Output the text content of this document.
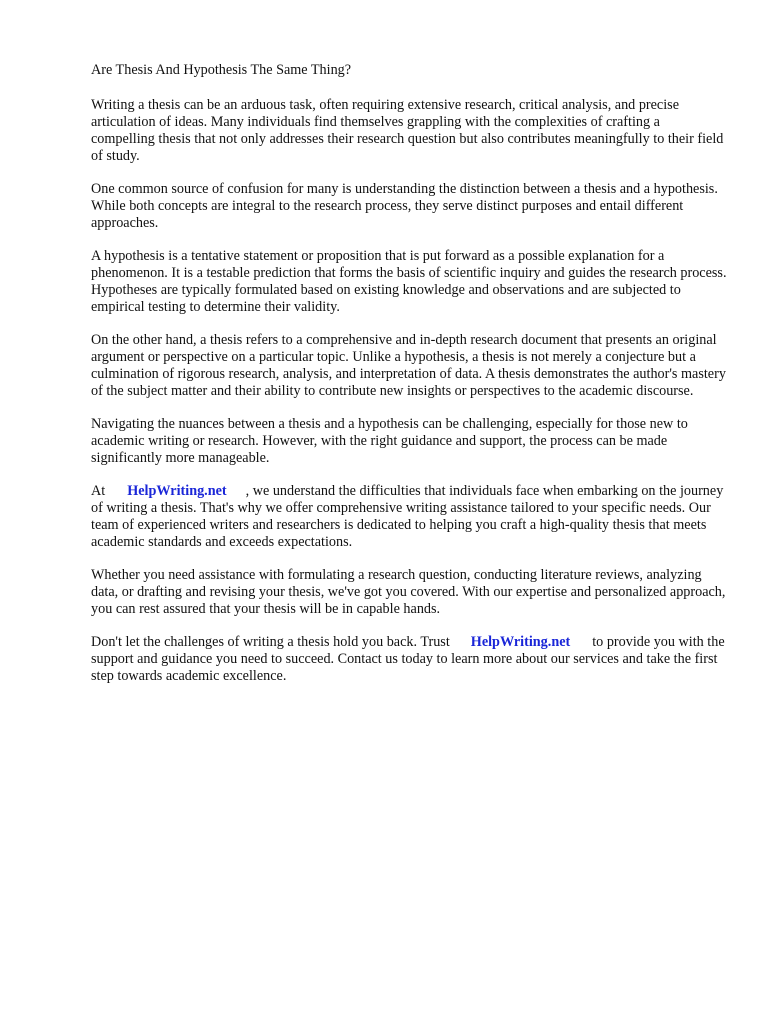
Are Thesis And Hypothesis The Same Thing?

Writing a thesis can be an arduous task, often requiring extensive research, critical analysis, and precise articulation of ideas. Many individuals find themselves grappling with the complexities of crafting a compelling thesis that not only addresses their research question but also contributes meaningfully to their field of study.

One common source of confusion for many is understanding the distinction between a thesis and a hypothesis. While both concepts are integral to the research process, they serve distinct purposes and entail different approaches.

A hypothesis is a tentative statement or proposition that is put forward as a possible explanation for a phenomenon. It is a testable prediction that forms the basis of scientific inquiry and guides the research process. Hypotheses are typically formulated based on existing knowledge and observations and are subjected to empirical testing to determine their validity.

On the other hand, a thesis refers to a comprehensive and in-depth research document that presents an original argument or perspective on a particular topic. Unlike a hypothesis, a thesis is not merely a conjecture but a culmination of rigorous research, analysis, and interpretation of data. A thesis demonstrates the author's mastery of the subject matter and their ability to contribute new insights or perspectives to the academic discourse.

Navigating the nuances between a thesis and a hypothesis can be challenging, especially for those new to academic writing or research. However, with the right guidance and support, the process can be made significantly more manageable.

At HelpWriting.net , we understand the difficulties that individuals face when embarking on the journey of writing a thesis. That's why we offer comprehensive writing assistance tailored to your specific needs. Our team of experienced writers and researchers is dedicated to helping you craft a high-quality thesis that meets academic standards and exceeds expectations.

Whether you need assistance with formulating a research question, conducting literature reviews, analyzing data, or drafting and revising your thesis, we've got you covered. With our expertise and personalized approach, you can rest assured that your thesis will be in capable hands.

Don't let the challenges of writing a thesis hold you back. Trust HelpWriting.net to provide you with the support and guidance you need to succeed. Contact us today to learn more about our services and take the first step towards academic excellence.
